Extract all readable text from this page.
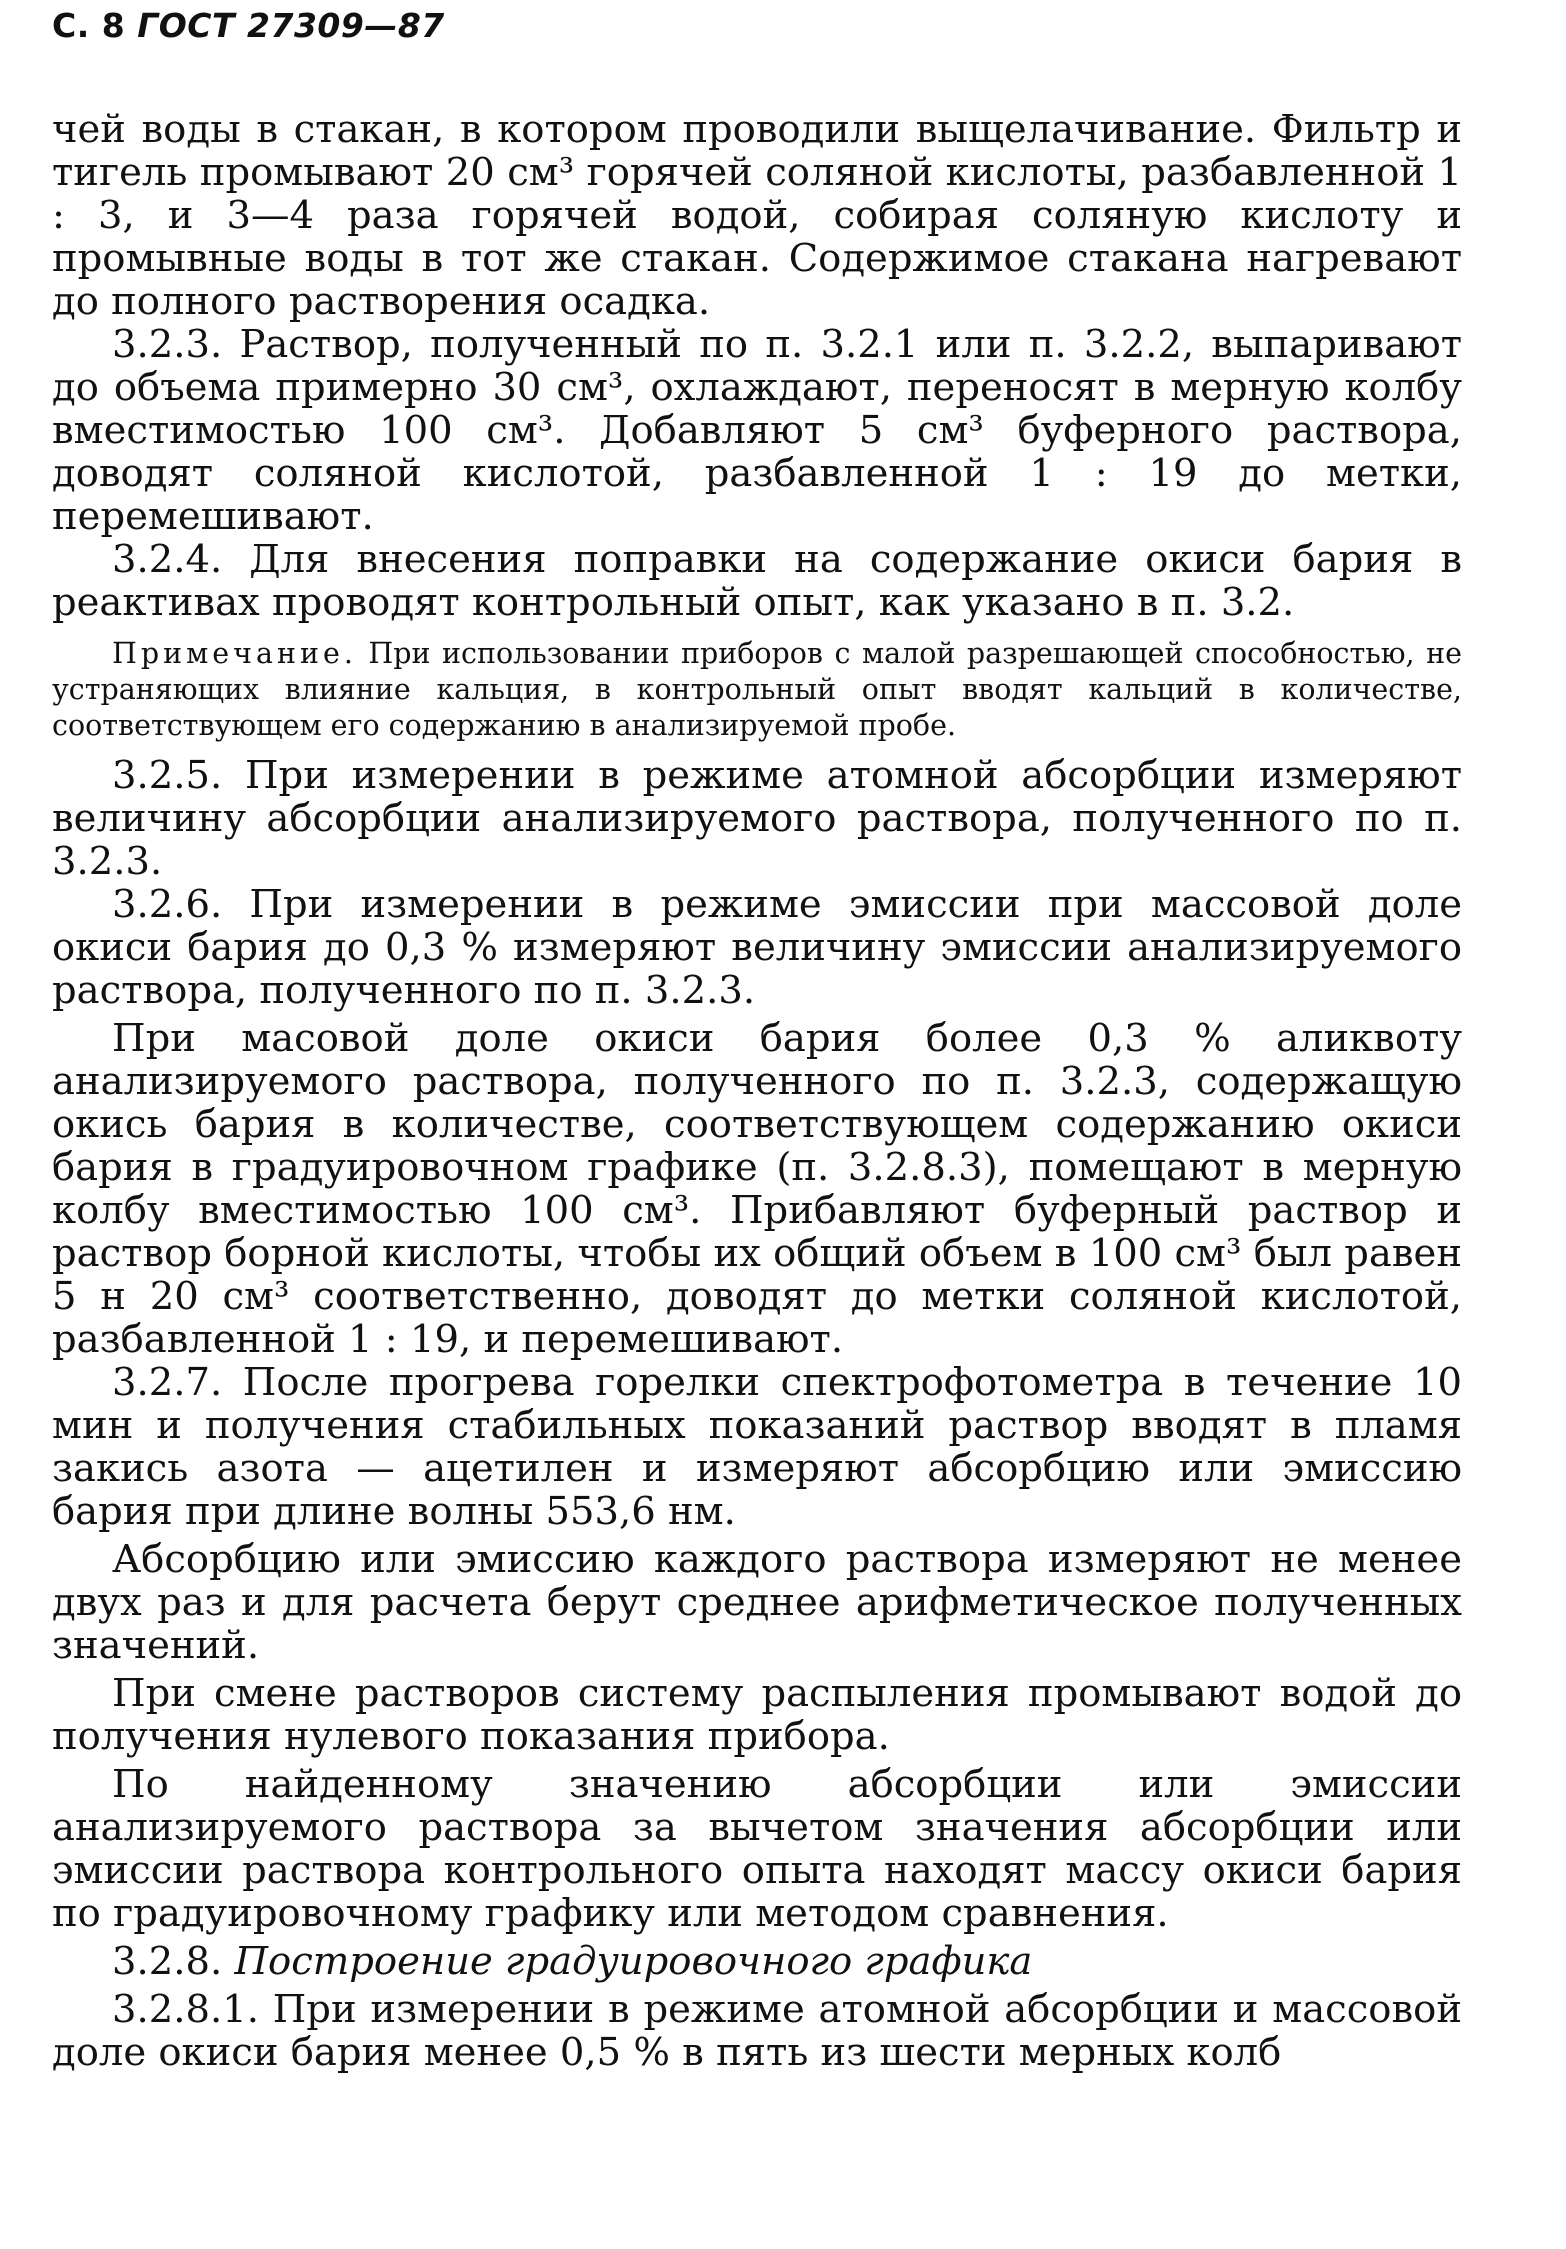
С. 8 ГОСТ 27309—87

чей воды в стакан, в котором проводили выщелачивание. Фильтр и тигель промывают 20 см³ горячей соляной кислоты, разбавленной 1 : 3, и 3—4 раза горячей водой, собирая соляную кислоту и промывные воды в тот же стакан. Содержимое стакана нагревают до полного растворения осадка.

3.2.3. Раствор, полученный по п. 3.2.1 или п. 3.2.2, выпаривают до объема примерно 30 см³, охлаждают, переносят в мерную колбу вместимостью 100 см³. Добавляют 5 см³ буферного раствора, доводят соляной кислотой, разбавленной 1 : 19 до метки, перемешивают.

3.2.4. Для внесения поправки на содержание окиси бария в реактивах проводят контрольный опыт, как указано в п. 3.2.

Примечание. При использовании приборов с малой разрешающей способностью, не устраняющих влияние кальция, в контрольный опыт вводят кальций в количестве, соответствующем его содержанию в анализируемой пробе.

3.2.5. При измерении в режиме атомной абсорбции измеряют величину абсорбции анализируемого раствора, полученного по п. 3.2.3.

3.2.6. При измерении в режиме эмиссии при массовой доле окиси бария до 0,3 % измеряют величину эмиссии анализируемого раствора, полученного по п. 3.2.3.

При масовой доле окиси бария более 0,3 % аликвоту анализируемого раствора, полученного по п. 3.2.3, содержащую окись бария в количестве, соответствующем содержанию окиси бария в градуировочном графике (п. 3.2.8.3), помещают в мерную колбу вместимостью 100 см³. Прибавляют буферный раствор и раствор борной кислоты, чтобы их общий объем в 100 см³ был равен 5 н 20 см³ соответственно, доводят до метки соляной кислотой, разбавленной 1 : 19, и перемешивают.

3.2.7. После прогрева горелки спектрофотометра в течение 10 мин и получения стабильных показаний раствор вводят в пламя закись азота — ацетилен и измеряют абсорбцию или эмиссию бария при длине волны 553,6 нм.

Абсорбцию или эмиссию каждого раствора измеряют не менее двух раз и для расчета берут среднее арифметическое полученных значений.

При смене растворов систему распыления промывают водой до получения нулевого показания прибора.

По найденному значению абсорбции или эмиссии анализируемого раствора за вычетом значения абсорбции или эмиссии раствора контрольного опыта находят массу окиси бария по градуировочному графику или методом сравнения.

3.2.8. Построение градуировочного графика

3.2.8.1. При измерении в режиме атомной абсорбции и массовой доле окиси бария менее 0,5 % в пять из шести мерных колб
